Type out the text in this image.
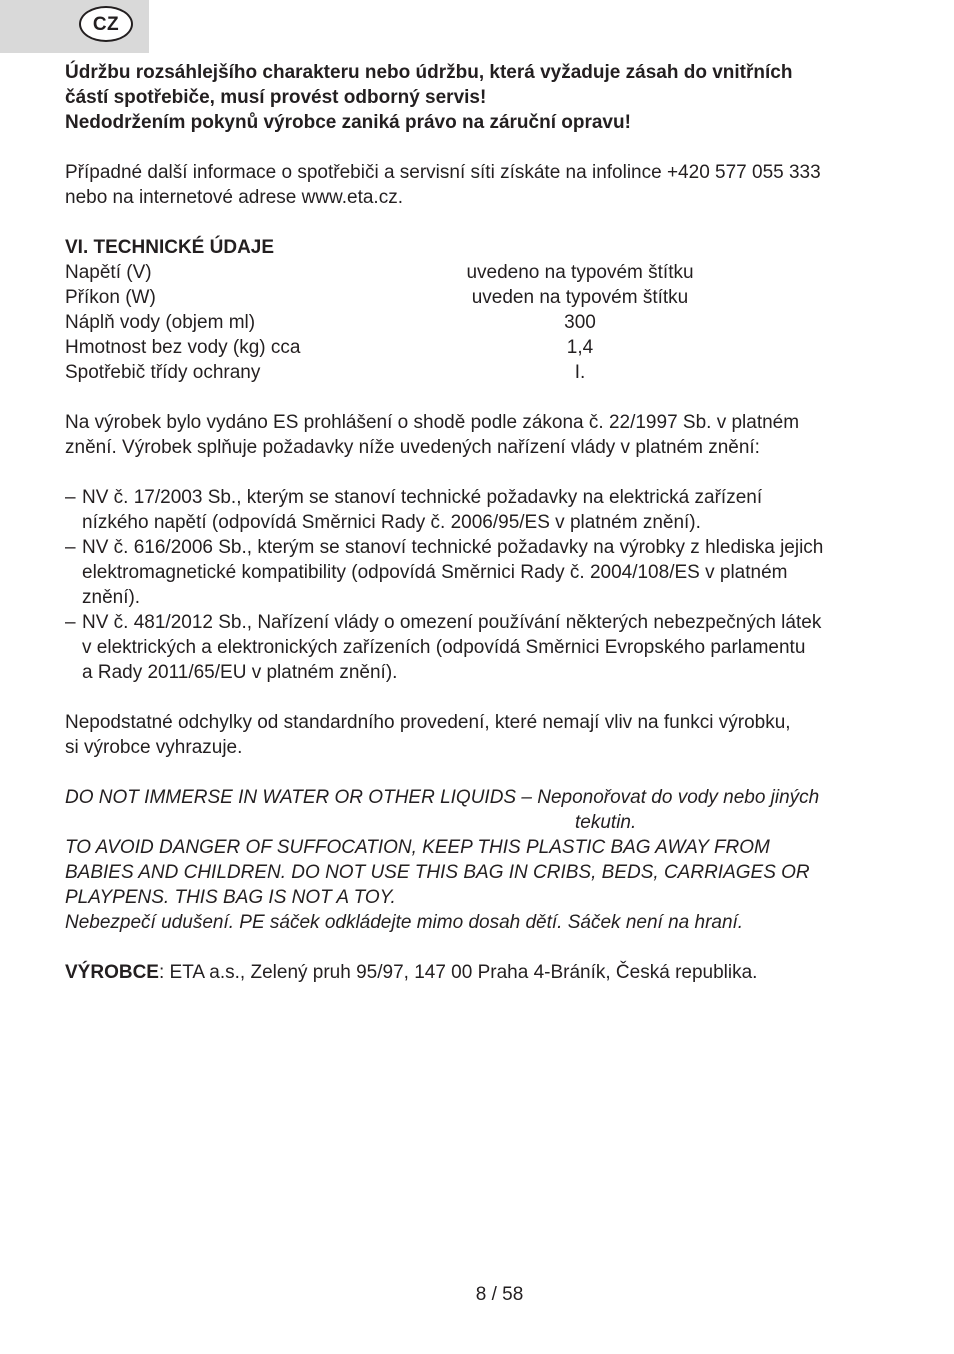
CZ

Údržbu rozsáhlejšího charakteru nebo údržbu, která vyžaduje zásah do vnitřních

částí spotřebiče, musí provést odborný servis!

Nedodržením pokynů výrobce zaniká právo na záruční opravu!

Případné další informace o spotřebiči a servisní síti získáte na infolince +420 577 055 333

nebo na internetové adrese www.eta.cz.

VI. TECHNICKÉ ÚDAJE

Napětí (V)	uvedeno na typovém štítku	
Příkon (W)	uveden na typovém štítku	
Náplň vody (objem ml)	300	
Hmotnost bez vody (kg) cca	1,4	
Spotřebič třídy ochrany	I.	

Na výrobek bylo vydáno ES prohlášení o shodě podle zákona č. 22/1997 Sb. v platném

znění. Výrobek splňuje požadavky níže uvedených nařízení vlády v platném znění:

– NV č. 17/2003 Sb., kterým se stanoví technické požadavky na elektrická zařízení

nízkého napětí (odpovídá Směrnici Rady č. 2006/95/ES v platném znění).

– NV č. 616/2006 Sb., kterým se stanoví technické požadavky na výrobky z hlediska jejich

elektromagnetické kompatibility (odpovídá Směrnici Rady č. 2004/108/ES v platném

znění).

– NV č. 481/2012 Sb., Nařízení vlády o omezení používání některých nebezpečných látek

v elektrických a elektronických zařízeních (odpovídá Směrnici Evropského parlamentu

a Rady 2011/65/EU v platném znění).

Nepodstatné odchylky od standardního provedení, které nemají vliv na funkci výrobku,

si výrobce vyhrazuje.

DO NOT IMMERSE IN WATER OR OTHER LIQUIDS – Neponořovat do vody nebo jiných

tekutin.

TO AVOID DANGER OF SUFFOCATION, KEEP THIS PLASTIC BAG AWAY FROM

BABIES AND CHILDREN. DO NOT USE THIS BAG IN CRIBS, BEDS, CARRIAGES OR

PLAYPENS. THIS BAG IS NOT A TOY.

Nebezpečí udušení. PE sáček odkládejte mimo dosah dětí. Sáček není na hraní.

VÝROBCE: ETA a.s., Zelený pruh 95/97, 147 00 Praha 4-Bráník, Česká republika.

8 / 58
